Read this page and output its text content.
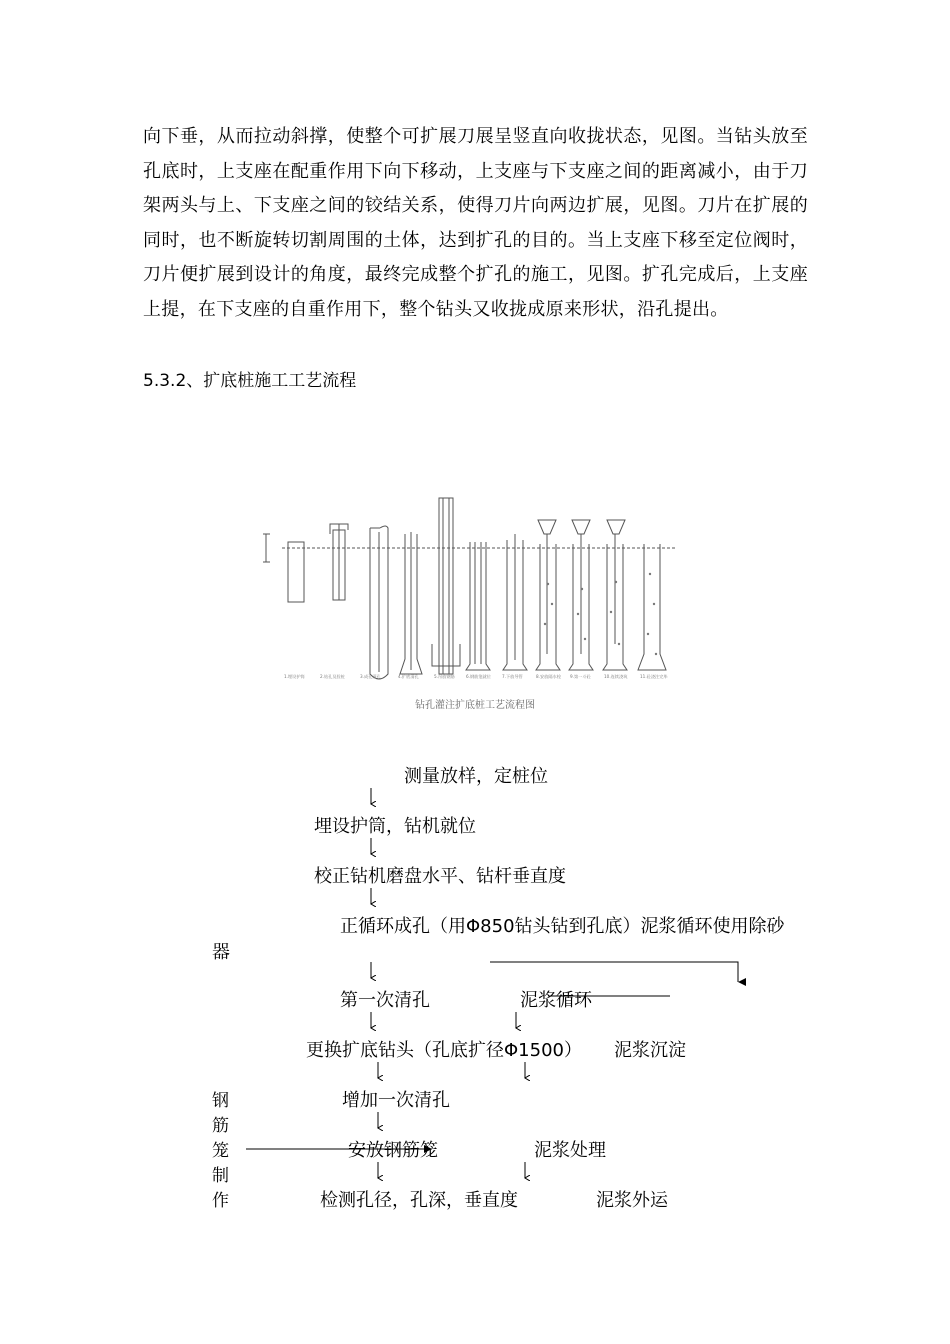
向下垂，从而拉动斜撑，使整个可扩展刀展呈竖直向收拢状态，见图。当钻头放至孔底时，上支座在配重作用下向下移动，上支座与下支座之间的距离减小，由于刀架两头与上、下支座之间的铰结关系，使得刀片向两边扩展，见图。刀片在扩展的同时，也不断旋转切割周围的土体，达到扩孔的目的。当上支座下移至定位阀时，刀片便扩展到设计的角度，最终完成整个扩孔的施工，见图。扩孔完成后，上支座上提，在下支座的自重作用下，整个钻头又收拢成原来形状，沿孔提出。
5.3.2、扩底桩施工工艺流程
1.埋设护筒	2.钻孔及验桩	3.成孔清孔	4.扩底清孔	5.吊放钢筋	6.钢筋笼就位	7.下放导管	8.安放隔水栓 9.第一斗砼	10.连续浇筑	11.砼浇注完毕
钻孔灌注扩底桩工艺流程图
测量放样，定桩位
埋设护筒，钻机就位
校正钻机磨盘水平、钻杆垂直度
正循环成孔（用Φ850钻头钻到孔底）泥浆循环使用除砂
器
第一次清孔	泥浆循环
更换扩底钻头（孔底扩径Φ1500） 泥浆沉淀
增加一次清孔
安放钢筋笼	泥浆处理
检测孔径，孔深，垂直度	泥浆外运
钢
筋
笼
制
作
